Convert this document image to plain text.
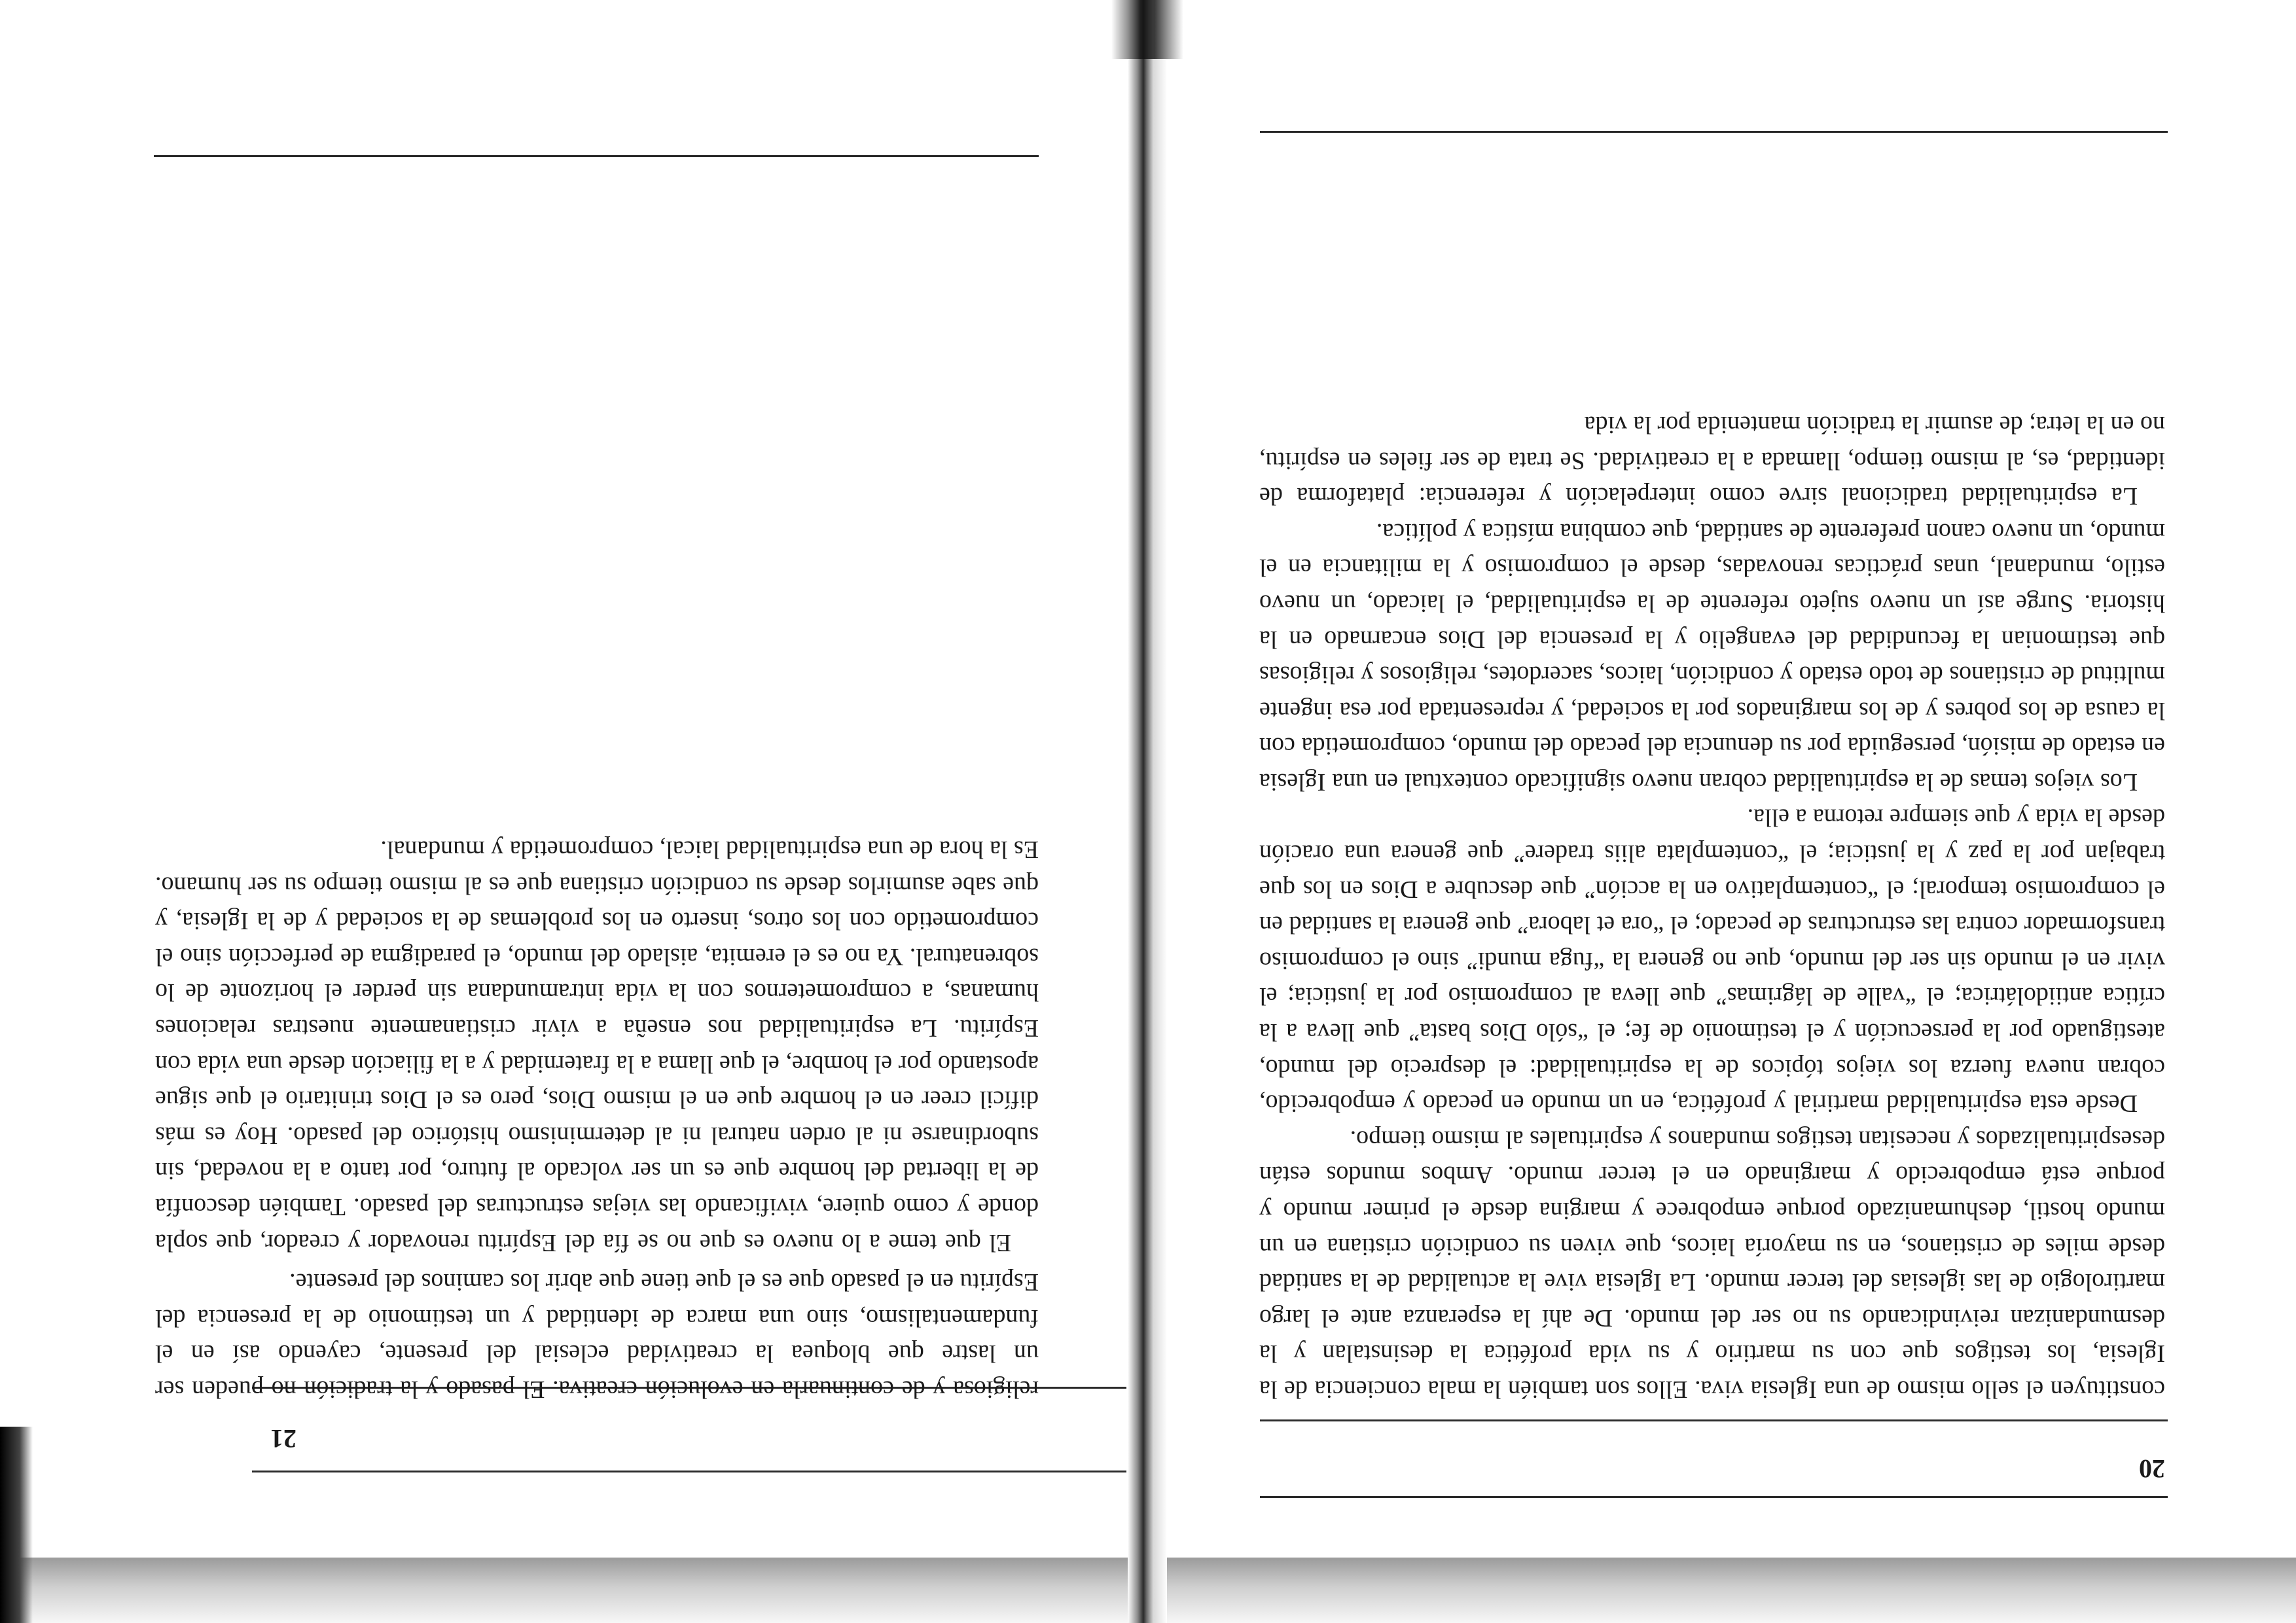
20

constituyen el sello mismo de una Iglesia viva. Ellos son también la mala conciencia de la Iglesia, los testigos que con su martirio y su vida profética la desinstalan y la desmundanizan reivindicando su no ser del mundo. De ahí la esperanza ante el largo martirologio de las iglesias del tercer mundo. La Iglesia vive la actualidad de la santidad desde miles de cristianos, en su mayoría laicos, que viven su condición cristiana en un mundo hostil, deshumanizado porque empobrece y margina desde el primer mundo y porque está empobrecido y marginado en el tercer mundo. Ambos mundos están desespiritualizados y necesitan testigos mundanos y espirituales al mismo tiempo.

Desde esta espiritualidad martirial y profética, en un mundo en pecado y empobrecido, cobran nueva fuerza los viejos tópicos de la espiritualidad: el desprecio del mundo, atestiguado por la persecución y el testimonio de fe; el “sólo Dios basta” que lleva a la crítica antiidolátrica; el “valle de lágrimas” que lleva al compromiso por la justicia; el vivir en el mundo sin ser del mundo, que no genera la “fuga mundi” sino el compromiso transformador contra las estructuras de pecado; el “ora et labora” que genera la santidad en el compromiso temporal; el “contemplativo en la acción” que descubre a Dios en los que trabajan por la paz y la justicia; el “contemplata aliis tradere” que genera una oración desde la vida y que siempre retorna a ella.

Los viejos temas de la espiritualidad cobran nuevo significado contextual en una Iglesia en estado de misión, perseguida por su denuncia del pecado del mundo, comprometida con la causa de los pobres y de los marginados por la sociedad, y representada por esa ingente multitud de cristianos de todo estado y condición, laicos, sacerdotes, religiosos y religiosas que testimonian la fecundidad del evangelio y la presencia del Dios encarnado en la historia. Surge así un nuevo sujeto referente de la espiritualidad, el laicado, un nuevo estilo, mundanal, unas prácticas renovadas, desde el compromiso y la militancia en el mundo, un nuevo canon preferente de santidad, que combina mística y política.

La espiritualidad tradicional sirve como interpelación y referencia: plataforma de identidad, es, al mismo tiempo, llamada a la creatividad. Se trata de ser fieles en espíritu, no en la letra; de asumir la tradición mantenida por la vida

21

religiosa y de continuarla en evolución creativa. El pasado y la tradición no pueden ser un lastre que bloquea la creatividad eclesial del presente, cayendo así en el fundamentalismo, sino una marca de identidad y un testimonio de la presencia del Espíritu en el pasado que es el que tiene que abrir los caminos del presente.

El que teme a lo nuevo es que no se fía del Espíritu renovador y creador, que sopla donde y como quiere, vivificando las viejas estructuras del pasado. También desconfía de la libertad del hombre que es un ser volcado al futuro, por tanto a la novedad, sin subordinarse ni al orden natural ni al determinismo histórico del pasado. Hoy es más difícil creer en el hombre que en el mismo Dios, pero es el Dios trinitario el que sigue apostando por el hombre, el que llama a la fraternidad y a la filiación desde una vida con Espíritu. La espiritualidad nos enseña a vivir cristianamente nuestras relaciones humanas, a comprometernos con la vida intramundana sin perder el horizonte de lo sobrenatural. Ya no es el eremita, aislado del mundo, el paradigma de perfección sino el comprometido con los otros, inserto en los problemas de la sociedad y de la Iglesia, y que sabe asumirlos desde su condición cristiana que es al mismo tiempo su ser humano. Es la hora de una espiritualidad laical, comprometida y mundanal.
